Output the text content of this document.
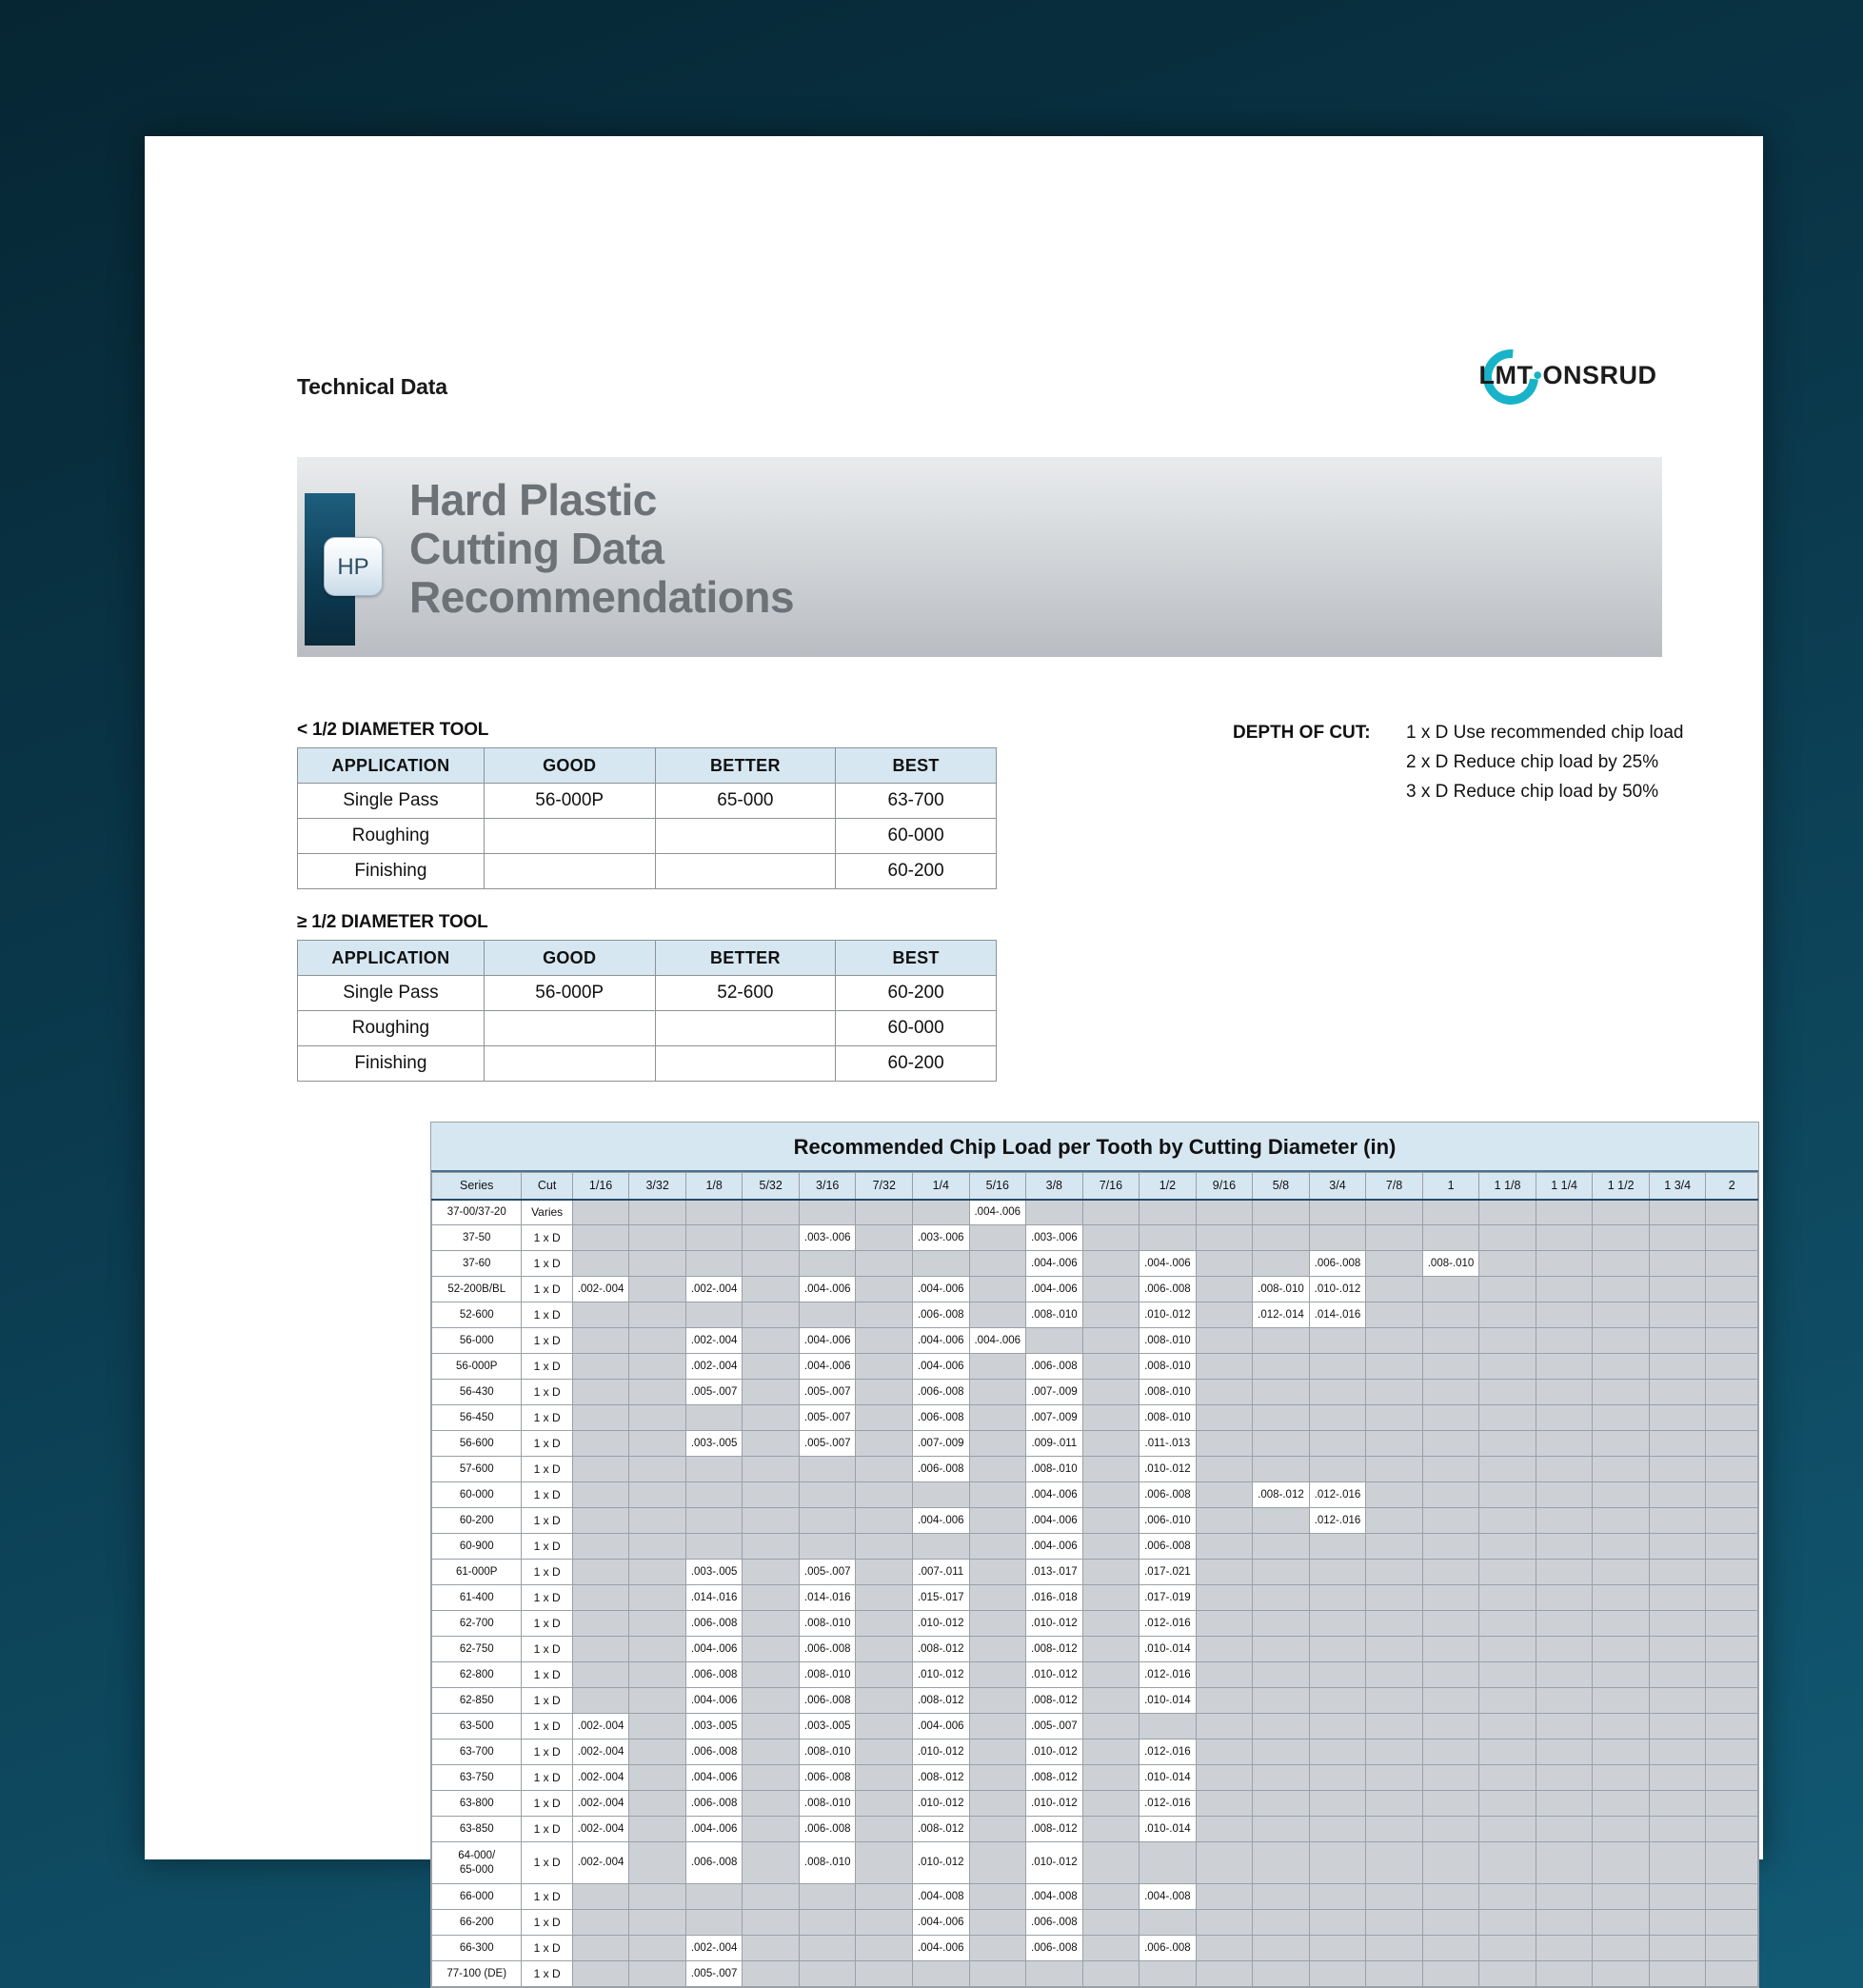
Technical Data	LMT•ONSRUD
HP
Hard Plastic
Cutting Data
Recommendations
< 1/2 DIAMETER TOOL
APPLICATION	GOOD	BETTER	BEST
Single Pass	56-000P	65-000	63-700
Roughing			60-000
Finishing			60-200
≥ 1/2 DIAMETER TOOL
APPLICATION	GOOD	BETTER	BEST
Single Pass	56-000P	52-600	60-200
Roughing			60-000
Finishing			60-200
DEPTH OF CUT:	1 x D Use recommended chip load
2 x D Reduce chip load by 25%
3 x D Reduce chip load by 50%
Recommended Chip Load per Tooth by Cutting Diameter (in)
Series	Cut	1/16	3/32	1/8	5/32	3/16	7/32	1/4	5/16	3/8	7/16	1/2	9/16	5/8	3/4	7/8	1	1 1/8	1 1/4	1 1/2	1 3/4	2
37-00/37-20	Varies								.004-.006													
37-50	1 x D					.003-.006		.003-.006		.003-.006												
37-60	1 x D									.004-.006		.004-.006			.006-.008		.008-.010					
52-200B/BL	1 x D	.002-.004		.002-.004		.004-.006		.004-.006		.004-.006		.006-.008		.008-.010	.010-.012							
52-600	1 x D							.006-.008		.008-.010		.010-.012		.012-.014	.014-.016							
56-000	1 x D			.002-.004		.004-.006		.004-.006	.004-.006			.008-.010										
56-000P	1 x D			.002-.004		.004-.006		.004-.006		.006-.008		.008-.010										
56-430	1 x D			.005-.007		.005-.007		.006-.008		.007-.009		.008-.010										
56-450	1 x D					.005-.007		.006-.008		.007-.009		.008-.010										
56-600	1 x D			.003-.005		.005-.007		.007-.009		.009-.011		.011-.013										
57-600	1 x D							.006-.008		.008-.010		.010-.012										
60-000	1 x D									.004-.006		.006-.008		.008-.012	.012-.016							
60-200	1 x D							.004-.006		.004-.006		.006-.010			.012-.016							
60-900	1 x D									.004-.006		.006-.008										
61-000P	1 x D			.003-.005		.005-.007		.007-.011		.013-.017		.017-.021										
61-400	1 x D			.014-.016		.014-.016		.015-.017		.016-.018		.017-.019										
62-700	1 x D			.006-.008		.008-.010		.010-.012		.010-.012		.012-.016										
62-750	1 x D			.004-.006		.006-.008		.008-.012		.008-.012		.010-.014										
62-800	1 x D			.006-.008		.008-.010		.010-.012		.010-.012		.012-.016										
62-850	1 x D			.004-.006		.006-.008		.008-.012		.008-.012		.010-.014										
63-500	1 x D	.002-.004		.003-.005		.003-.005		.004-.006		.005-.007												
63-700	1 x D	.002-.004		.006-.008		.008-.010		.010-.012		.010-.012		.012-.016										
63-750	1 x D	.002-.004		.004-.006		.006-.008		.008-.012		.008-.012		.010-.014										
63-800	1 x D	.002-.004		.006-.008		.008-.010		.010-.012		.010-.012		.012-.016										
63-850	1 x D	.002-.004		.004-.006		.006-.008		.008-.012		.008-.012		.010-.014										
64-000/
65-000	1 x D	.002-.004		.006-.008		.008-.010		.010-.012		.010-.012												
66-000	1 x D							.004-.008		.004-.008		.004-.008										
66-200	1 x D							.004-.006		.006-.008												
66-300	1 x D			.002-.004				.004-.006		.006-.008		.006-.008										
77-100 (DE)	1 x D			.005-.007																		
